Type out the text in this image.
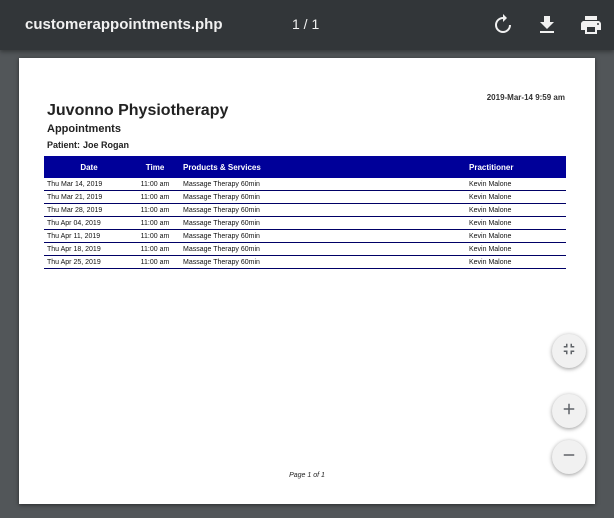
customerappointments.php	1 / 1
2019-Mar-14 9:59 am
Juvonno Physiotherapy
Appointments
Patient: Joe Rogan
Date	Time	Products & Services	Practitioner
Thu Mar 14, 2019	11:00 am	Massage Therapy 60min	Kevin Malone
Thu Mar 21, 2019	11:00 am	Massage Therapy 60min	Kevin Malone
Thu Mar 28, 2019	11:00 am	Massage Therapy 60min	Kevin Malone
Thu Apr 04, 2019	11:00 am	Massage Therapy 60min	Kevin Malone
Thu Apr 11, 2019	11:00 am	Massage Therapy 60min	Kevin Malone
Thu Apr 18, 2019	11:00 am	Massage Therapy 60min	Kevin Malone
Thu Apr 25, 2019	11:00 am	Massage Therapy 60min	Kevin Malone
Page 1 of 1
